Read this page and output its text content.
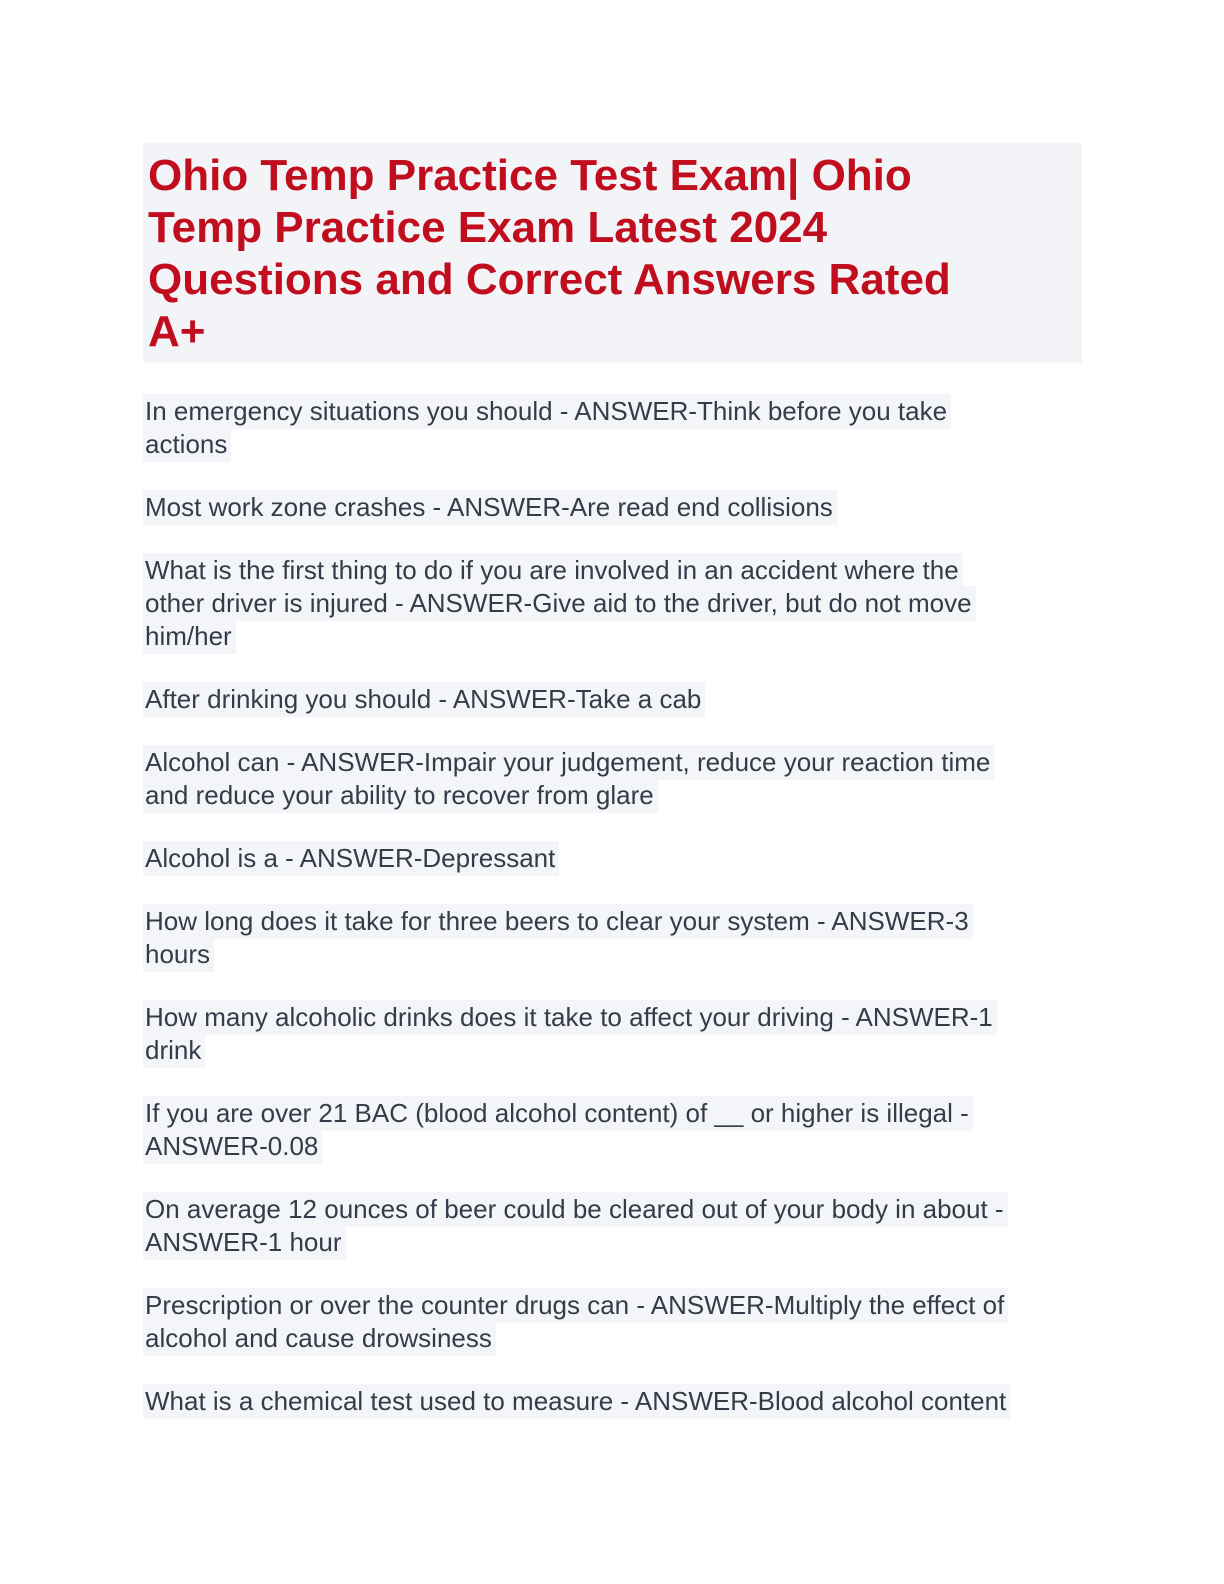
Ohio Temp Practice Test Exam| Ohio
Temp Practice Exam Latest 2024
Questions and Correct Answers Rated
A+

In emergency situations you should - ANSWER-Think before you take
actions

Most work zone crashes - ANSWER-Are read end collisions

What is the first thing to do if you are involved in an accident where the
other driver is injured - ANSWER-Give aid to the driver, but do not move
him/her

After drinking you should - ANSWER-Take a cab

Alcohol can - ANSWER-Impair your judgement, reduce your reaction time
and reduce your ability to recover from glare

Alcohol is a - ANSWER-Depressant

How long does it take for three beers to clear your system - ANSWER-3
hours

How many alcoholic drinks does it take to affect your driving - ANSWER-1
drink

If you are over 21 BAC (blood alcohol content) of __ or higher is illegal -
ANSWER-0.08

On average 12 ounces of beer could be cleared out of your body in about -
ANSWER-1 hour

Prescription or over the counter drugs can - ANSWER-Multiply the effect of
alcohol and cause drowsiness

What is a chemical test used to measure - ANSWER-Blood alcohol content
